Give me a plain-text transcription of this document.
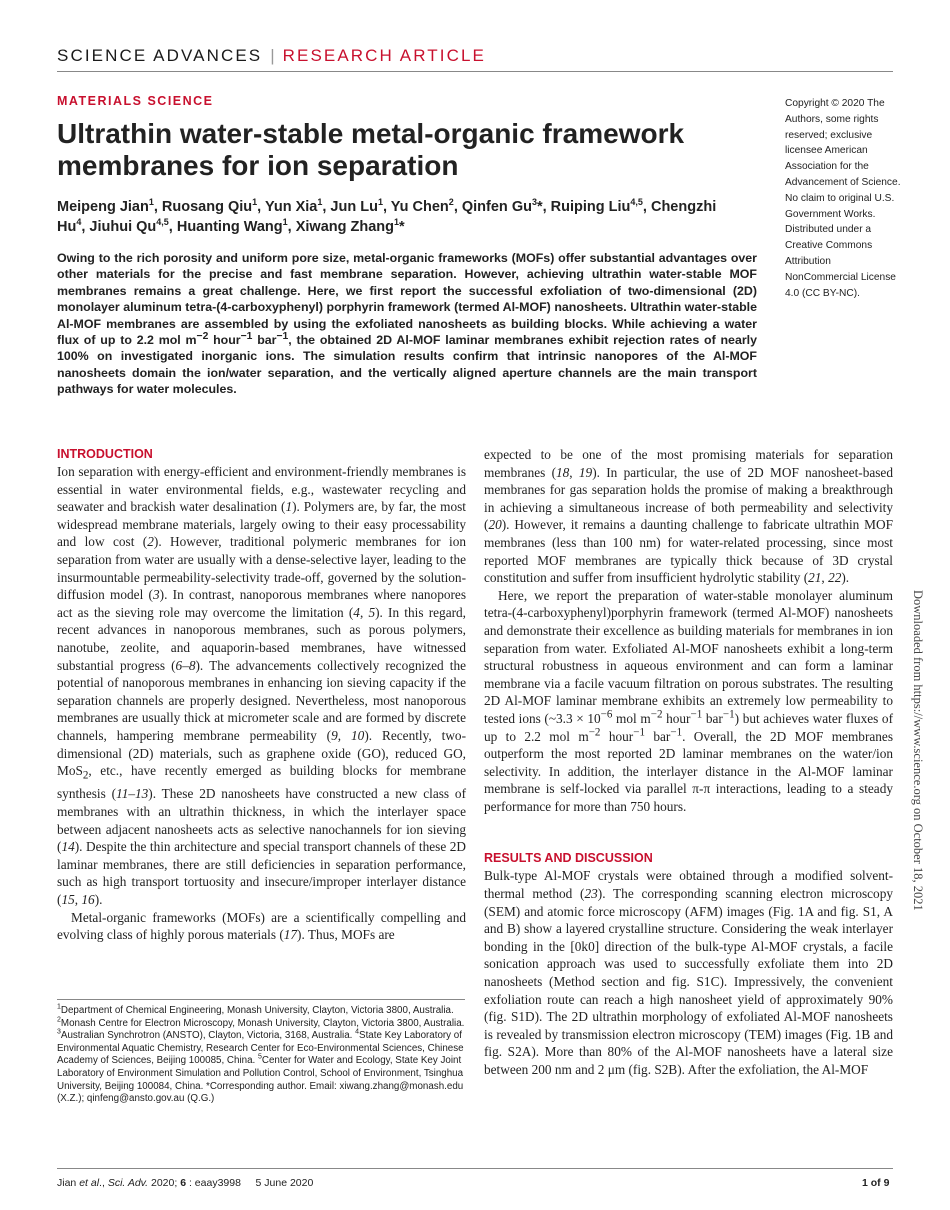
SCIENCE ADVANCES | RESEARCH ARTICLE
MATERIALS SCIENCE
Ultrathin water-stable metal-organic framework membranes for ion separation
Meipeng Jian$^1$, Ruosang Qiu$^1$, Yun Xia$^1$, Jun Lu$^1$, Yu Chen$^2$, Qinfen Gu$^3$*, Ruiping Liu$^{4,5}$, Chengzhi Hu$^4$, Jiuhui Qu$^{4,5}$, Huanting Wang$^1$, Xiwang Zhang$^1$*
Owing to the rich porosity and uniform pore size, metal-organic frameworks (MOFs) offer substantial advantages over other materials for the precise and fast membrane separation. However, achieving ultrathin water-stable MOF membranes remains a great challenge. Here, we first report the successful exfoliation of two-dimensional (2D) monolayer aluminum tetra-(4-carboxyphenyl) porphyrin framework (termed Al-MOF) nanosheets. Ultrathin water-stable Al-MOF membranes are assembled by using the exfoliated nanosheets as building blocks. While achieving a water flux of up to 2.2 mol $m^{-2}$ hour$^{-1}$ bar$^{-1}$, the obtained 2D Al-MOF laminar membranes exhibit rejection rates of nearly 100% on investigated inorganic ions. The simulation results confirm that intrinsic nanopores of the Al-MOF nanosheets domain the ion/water separation, and the vertically aligned aperture channels are the main transport pathways for water molecules.
Copyright © 2020 The Authors, some rights reserved; exclusive licensee American Association for the Advancement of Science. No claim to original U.S. Government Works. Distributed under a Creative Commons Attribution NonCommercial License 4.0 (CC BY-NC).
Downloaded from https://www.science.org on October 18, 2021

INTRODUCTION

Ion separation with energy-efficient and environment-friendly membranes is essential in water environmental fields, e.g., wastewater recycling and seawater and brackish water desalination (1). Polymers are, by far, the most widespread membrane materials, largely owing to their easy processability and low cost (2). However, traditional polymeric membranes for ion separation from water are usually with a dense-selective layer, leading to the insurmountable permeability-selectivity trade-off, governed by the solution-diffusion model (3). In contrast, nanoporous membranes where nanopores act as the sieving role may overcome the limitation (4, 5). In this regard, recent advances in nanoporous membranes, such as porous polymers, nanotube, zeolite, and aquaporin-based membranes, have witnessed substantial progress (6–8). The advancements collectively recognized the potential of nanoporous membranes in enhancing ion sieving capacity if the separation channels are properly designed. Nevertheless, most nanoporous membranes are usually thick at micrometer scale and are formed by discrete channels, hampering membrane permeability (9, 10). Recently, two-dimensional (2D) materials, such as graphene oxide (GO), reduced GO, MoS$_2$, etc., have recently emerged as building blocks for membrane synthesis (11–13). These 2D nanosheets have constructed a new class of membranes with an ultrathin thickness, in which the interlayer space between adjacent nanosheets acts as selective nanochannels for ion sieving (14). Despite the thin architecture and special transport channels of these 2D laminar membranes, there are still deficiencies in separation performance, such as high transport tortuosity and insecure/improper interlayer distance (15, 16).

Metal-organic frameworks (MOFs) are a scientifically compelling and evolving class of highly porous materials (17). Thus, MOFs are

expected to be one of the most promising materials for separation membranes (18, 19). In particular, the use of 2D MOF nanosheet-based membranes for gas separation holds the promise of making a breakthrough in achieving a simultaneous increase of both permeability and selectivity (20). However, it remains a daunting challenge to fabricate ultrathin MOF membranes (less than 100 nm) for water-related processing, since most reported MOF membranes are typically thick because of 3D crystal constitution and suffer from insufficient hydrolytic stability (21, 22).

Here, we report the preparation of water-stable monolayer aluminum tetra-(4-carboxyphenyl)porphyrin framework (termed Al-MOF) nanosheets and demonstrate their excellence as building materials for membranes in ion separation from water. Exfoliated Al-MOF nanosheets exhibit a long-term structural robustness in aqueous environment and can form a laminar membrane via a facile vacuum filtration on porous substrates. The resulting 2D Al-MOF laminar membrane exhibits an extremely low permeability to tested ions (~3.3 × $10^{-6}$ mol $m^{-2}$ hour$^{-1}$ bar$^{-1}$) but achieves water fluxes of up to 2.2 mol $m^{-2}$ hour$^{-1}$ bar$^{-1}$. Overall, the 2D MOF membranes outperform the most reported 2D laminar membranes on the water/ion selectivity. In addition, the interlayer distance in the Al-MOF laminar membrane is self-locked via parallel π-π interactions, leading to a steady performance for more than 750 hours.

RESULTS AND DISCUSSION

Bulk-type Al-MOF crystals were obtained through a modified solvent-thermal method (23). The corresponding scanning electron microscopy (SEM) and atomic force microscopy (AFM) images (Fig. 1A and fig. S1, A and B) show a layered crystalline structure. Considering the weak interlayer bonding in the [0k0] direction of the bulk-type Al-MOF crystals, a facile sonication approach was used to successfully exfoliate them into 2D nanosheets (Method section and fig. S1C). Impressively, the convenient exfoliation route can reach a high nanosheet yield of approximately 90% (fig. S1D). The 2D ultrathin morphology of exfoliated Al-MOF nanosheets is revealed by transmission electron microscopy (TEM) images (Fig. 1B and fig. S2A). More than 80% of the Al-MOF nanosheets have a lateral size between 200 nm and 2 μm (fig. S2B). After the exfoliation, the Al-MOF

$^1$Department of Chemical Engineering, Monash University, Clayton, Victoria 3800, Australia. $^2$Monash Centre for Electron Microscopy, Monash University, Clayton, Victoria 3800, Australia. $^3$Australian Synchrotron (ANSTO), Clayton, Victoria, 3168, Australia. $^4$State Key Laboratory of Environmental Aquatic Chemistry, Research Center for Eco-Environmental Sciences, Chinese Academy of Sciences, Beijing 100085, China. $^5$Center for Water and Ecology, State Key Joint Laboratory of Environment Simulation and Pollution Control, School of Environment, Tsinghua University, Beijing 100084, China. *Corresponding author. Email: xiwang.zhang@monash.edu (X.Z.); qinfeng@ansto.gov.au (Q.G.)
Jian et al., Sci. Adv. 2020; 6 : eaay3998     5 June 2020	1 of 9
